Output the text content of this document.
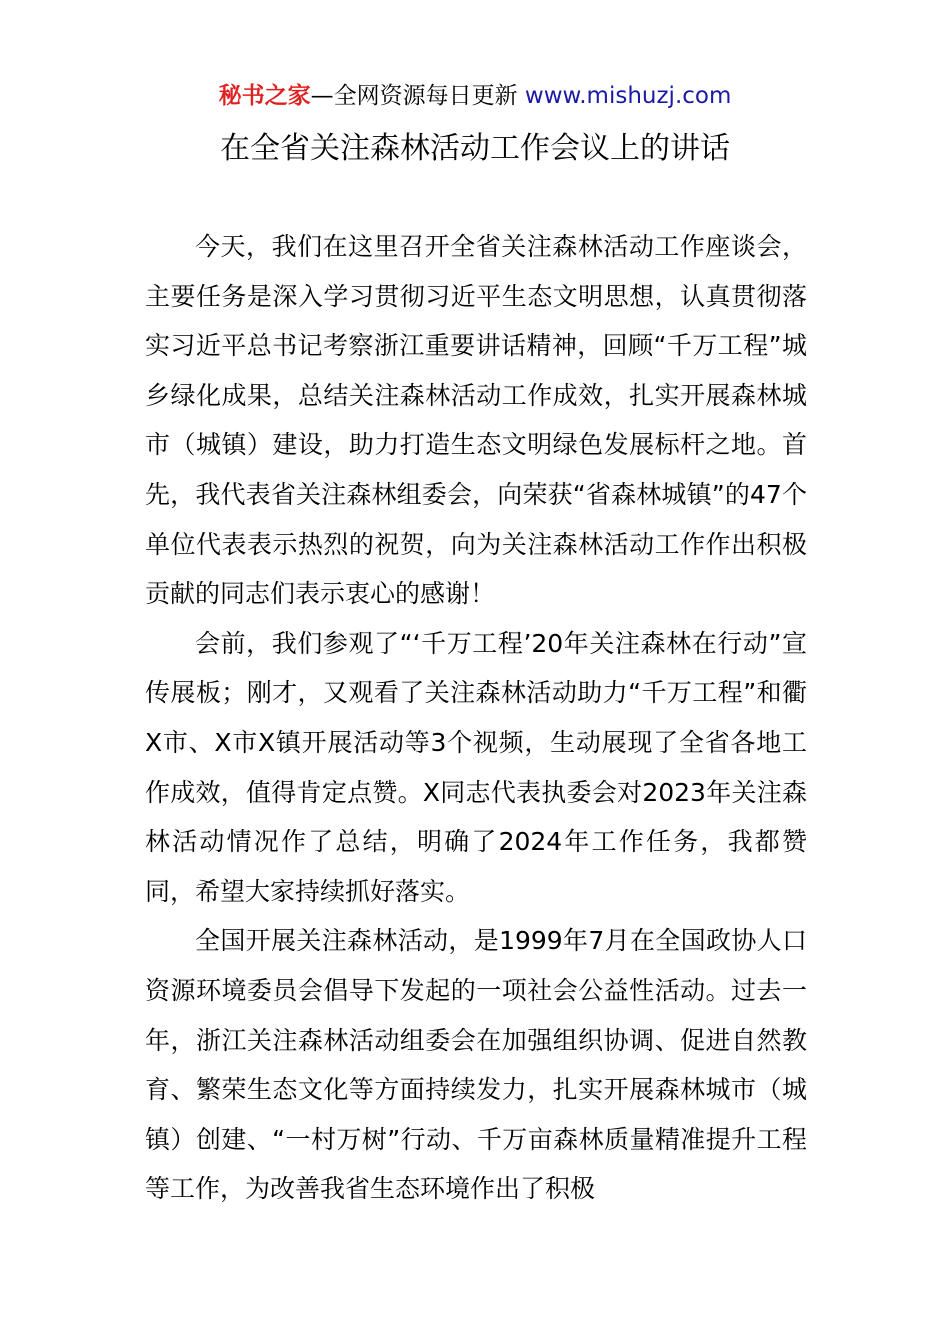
秘书之家—全网资源每日更新 www.mishuzj.com
在全省关注森林活动工作会议上的讲话

今天，我们在这里召开全省关注森林活动工作座谈会，主要任务是深入学习贯彻习近平生态文明思想，认真贯彻落实习近平总书记考察浙江重要讲话精神，回顾“千万工程”城乡绿化成果，总结关注森林活动工作成效，扎实开展森林城市（城镇）建设，助力打造生态文明绿色发展标杆之地。首先，我代表省关注森林组委会，向荣获“省森林城镇”的47个单位代表表示热烈的祝贺，向为关注森林活动工作作出积极贡献的同志们表示衷心的感谢！

会前，我们参观了“‘千万工程’20年关注森林在行动”宣传展板；刚才，又观看了关注森林活动助力“千万工程”和衢X市、X市X镇开展活动等3个视频，生动展现了全省各地工作成效，值得肯定点赞。X同志代表执委会对2023年关注森林活动情况作了总结，明确了2024年工作任务，我都赞同，希望大家持续抓好落实。

全国开展关注森林活动，是1999年7月在全国政协人口资源环境委员会倡导下发起的一项社会公益性活动。过去一年，浙江关注森林活动组委会在加强组织协调、促进自然教育、繁荣生态文化等方面持续发力，扎实开展森林城市（城镇）创建、“一村万树”行动、千万亩森林质量精准提升工程等工作，为改善我省生态环境作出了积极
